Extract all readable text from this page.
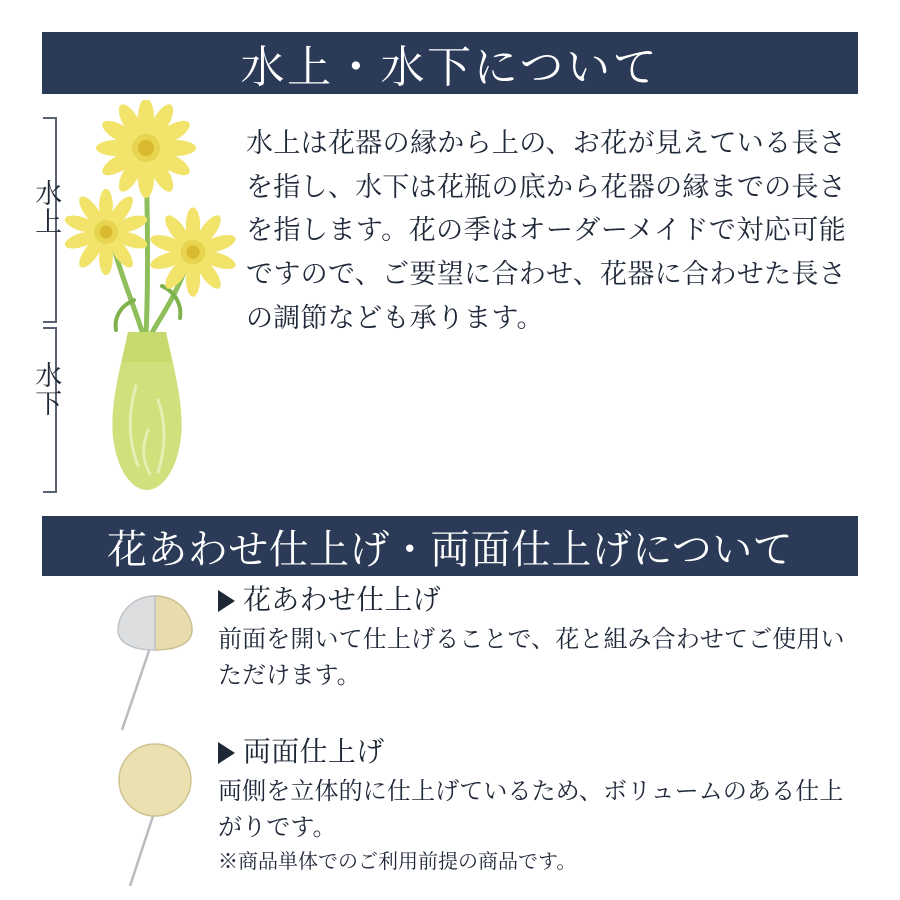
水上・水下について
水上
水下
水上は花器の縁から上の、お花が見えている長さを指し、水下は花瓶の底から花器の縁までの長さを指します。花の季はオーダーメイドで対応可能ですので、ご要望に合わせ、花器に合わせた長さの調節なども承ります。
花あわせ仕上げ・両面仕上げについて
花あわせ仕上げ
前面を開いて仕上げることで、花と組み合わせてご使用いただけます。
両面仕上げ
両側を立体的に仕上げているため、ボリュームのある仕上がりです。
※商品単体でのご利用前提の商品です。
